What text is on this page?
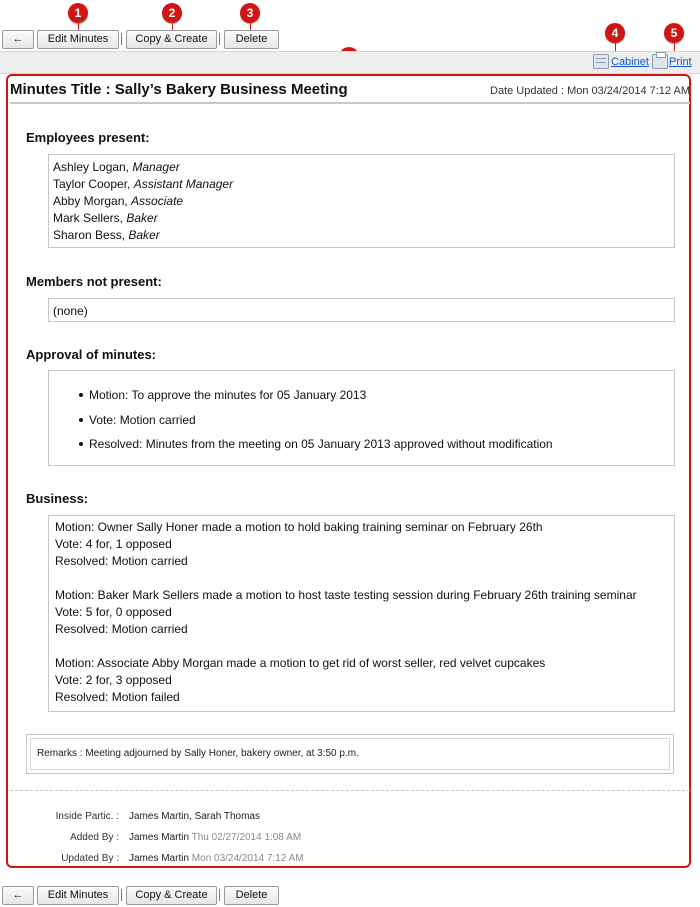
←	Edit Minutes	Copy & Create	Delete
1	2	3
4	5
Cabinet Print
Minutes Title : Sally’s Bakery Business Meeting	Date Updated : Mon 03/24/2014 7:12 AM
Employees present:
Ashley Logan, Manager
Taylor Cooper, Assistant Manager
Abby Morgan, Associate
Mark Sellers, Baker
Sharon Bess, Baker
Members not present:
(none)
Approval of minutes:
Motion: To approve the minutes for 05 January 2013
Vote: Motion carried
Resolved: Minutes from the meeting on 05 January 2013 approved without modification
Business:
Motion: Owner Sally Honer made a motion to hold baking training seminar on February 26th
Vote: 4 for, 1 opposed
Resolved: Motion carried
Motion: Baker Mark Sellers made a motion to host taste testing session during February 26th training seminar
Vote: 5 for, 0 opposed
Resolved: Motion carried
Motion: Associate Abby Morgan made a motion to get rid of worst seller, red velvet cupcakes
Vote: 2 for, 3 opposed
Resolved: Motion failed
Remarks : Meeting adjourned by Sally Honer, bakery owner, at 3:50 p.m.
Inside Partic. : James Martin, Sarah Thomas
Added By : James Martin Thu 02/27/2014 1:08 AM
Updated By : James Martin Mon 03/24/2014 7:12 AM
←	Edit Minutes	Copy & Create	Delete
